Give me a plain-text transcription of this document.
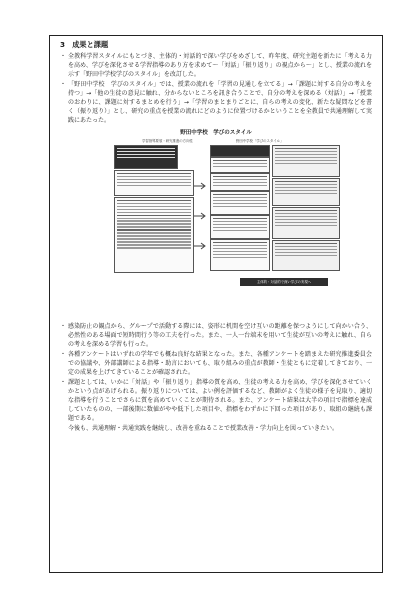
3　成果と課題
・ 全教科学習スタイルにもとづき、主体的・対話的で深い学びをめざして、昨年度、研究主題を新たに「考える力を高め、学びを深化させる学習指導のあり方を求めて～「対話」「振り返り」の視点から～」とし、授業の流れを示す「野田中学校学びのスタイル」を改訂した。
・ 「野田中学校　学びのスタイル」では、授業の流れを「学習の見通しを立てる」→「課題に対する自分の考えを持つ」→「他の生徒の意見に触れ、分からないところを訊き合うことで、自分の考えを深める（対話）」→「授業のおわりに、課題に対するまとめを行う」→「学習のまとまりごとに、自らの考えの変化、新たな疑問などを書く（振り返り）」とし、研究の重点を授業の流れにどのように位置づけるかということを全教員で共通理解して実践にあたった。
野田中学校　学びのスタイル
学習指導要領・研究推進の方向性	野田中学校「学びのスタイル」
主体的・対話的で深い学びの実現へ
・ 感染防止の観点から、グループで活動する際には、姿形に机間を空け互いの距離を保つようにして向かい合う、必然性のある場面で短時間行う等の工夫を行った。また、一人一台端末を用いて生徒が互いの考えに触れ、自らの考えを深める学習も行った。
・ 各種アンケートはいずれの学年でも概ね良好な結果となった。また、各種アンケートを踏まえた研究推進委員会での協議や、外部講師による指導・助言においても、取り組みの重点が教師・生徒ともに定着してきており、一定の成果を上げてきていることが確認された。
・ 課題としては、いかに「対話」や「振り返り」指導の質を高め、生徒の考える力を高め、学びを深化させていくかという点があげられる。振り返りについては、よい例を評価するなど、教師がよく生徒の様子を見取り、適切な指導を行うことでさらに質を高めていくことが期待される。また、アンケート結果は大半の項目で指標を達成していたものの、一部後期に数値がやや低下した項目や、指標をわずかに下回った項目があり、取組の継続も課題である。

今後も、共通理解・共通実践を継続し、改善を重ねることで授業改善・学力向上を図っていきたい。
